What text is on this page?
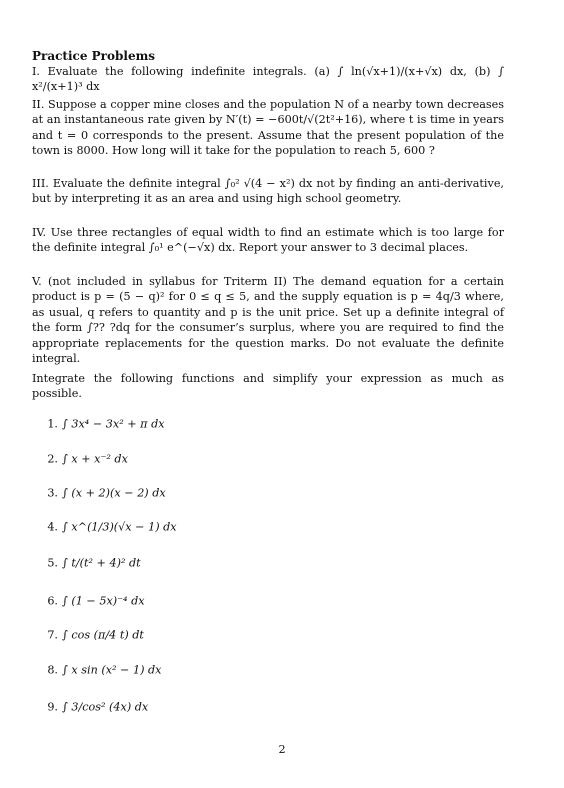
Practice Problems

I. Evaluate the following indefinite integrals. (a) ∫ ln(√x+1)/(x+√x) dx, (b) ∫ x²/(x+1)³ dx

II. Suppose a copper mine closes and the population N of a nearby town decreases at an instantaneous rate given by N′(t) = −600t/√(2t²+16), where t is time in years and t = 0 corresponds to the present. Assume that the present population of the town is 8000. How long will it take for the population to reach 5, 600 ?

III. Evaluate the definite integral ∫₀² √(4 − x²) dx not by finding an anti-derivative, but by interpreting it as an area and using high school geometry.

IV. Use three rectangles of equal width to find an estimate which is too large for the definite integral ∫₀¹ e^(−√x) dx. Report your answer to 3 decimal places.

V. (not included in syllabus for Triterm II) The demand equation for a certain product is p = (5 − q)² for 0 ≤ q ≤ 5, and the supply equation is p = 4q/3 where, as usual, q refers to quantity and p is the unit price. Set up a definite integral of the form ∫?? ?dq for the consumer’s surplus, where you are required to find the appropriate replacements for the question marks. Do not evaluate the definite integral.

Integrate the following functions and simplify your expression as much as possible.

1. ∫ 3x⁴ − 3x² + π dx
2. ∫ x + x⁻² dx
3. ∫ (x + 2)(x − 2) dx
4. ∫ x^(1/3)(√x − 1) dx
5. ∫ t/(t² + 4)² dt
6. ∫ (1 − 5x)⁻⁴ dx
7. ∫ cos (π/4 t) dt
8. ∫ x sin (x² − 1) dx
9. ∫ 3/cos² (4x) dx
2
